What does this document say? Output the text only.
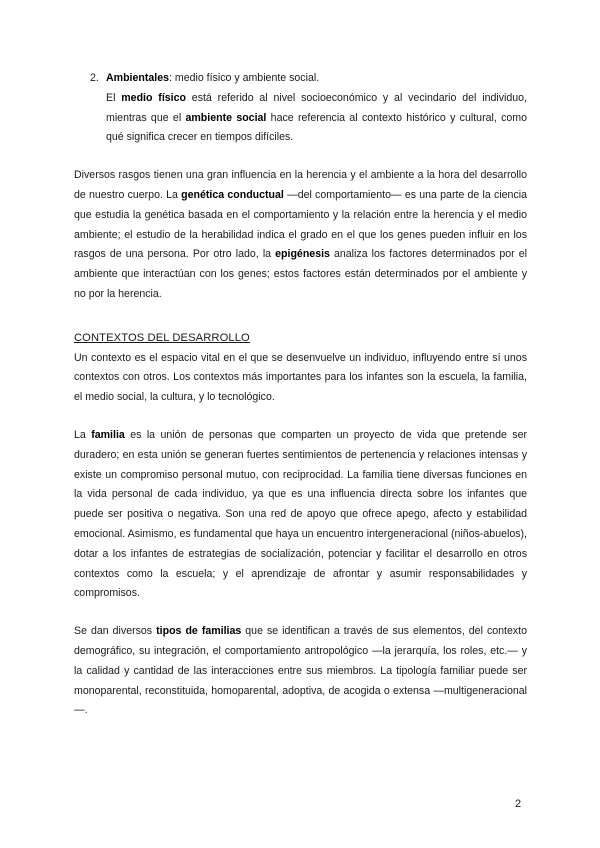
2. Ambientales: medio físico y ambiente social.

El medio físico está referido al nivel socioeconómico y al vecindario del individuo, mientras que el ambiente social hace referencia al contexto histórico y cultural, como qué significa crecer en tiempos difíciles.

Diversos rasgos tienen una gran influencia en la herencia y el ambiente a la hora del desarrollo de nuestro cuerpo. La genética conductual —del comportamiento— es una parte de la ciencia que estudia la genética basada en el comportamiento y la relación entre la herencia y el medio ambiente; el estudio de la herabilidad indica el grado en el que los genes pueden influir en los rasgos de una persona. Por otro lado, la epigénesis analiza los factores determinados por el ambiente que interactúan con los genes; estos factores están determinados por el ambiente y no por la herencia.

CONTEXTOS DEL DESARROLLO

Un contexto es el espacio vital en el que se desenvuelve un individuo, influyendo entre sí unos contextos con otros. Los contextos más importantes para los infantes son la escuela, la familia, el medio social, la cultura, y lo tecnológico.

La familia es la unión de personas que comparten un proyecto de vida que pretende ser duradero; en esta unión se generan fuertes sentimientos de pertenencia y relaciones intensas y existe un compromiso personal mutuo, con reciprocidad. La familia tiene diversas funciones en la vida personal de cada individuo, ya que es una influencia directa sobre los infantes que puede ser positiva o negativa. Son una red de apoyo que ofrece apego, afecto y estabilidad emocional. Asimismo, es fundamental que haya un encuentro intergeneracional (niños-abuelos), dotar a los infantes de estrategias de socialización, potenciar y facilitar el desarrollo en otros contextos como la escuela; y el aprendizaje de afrontar y asumir responsabilidades y compromisos.

Se dan diversos tipos de familias que se identifican a través de sus elementos, del contexto demográfico, su integración, el comportamiento antropológico —la jerarquía, los roles, etc.— y la calidad y cantidad de las interacciones entre sus miembros. La tipología familiar puede ser monoparental, reconstituida, homoparental, adoptiva, de acogida o extensa —multigeneracional—.

2
